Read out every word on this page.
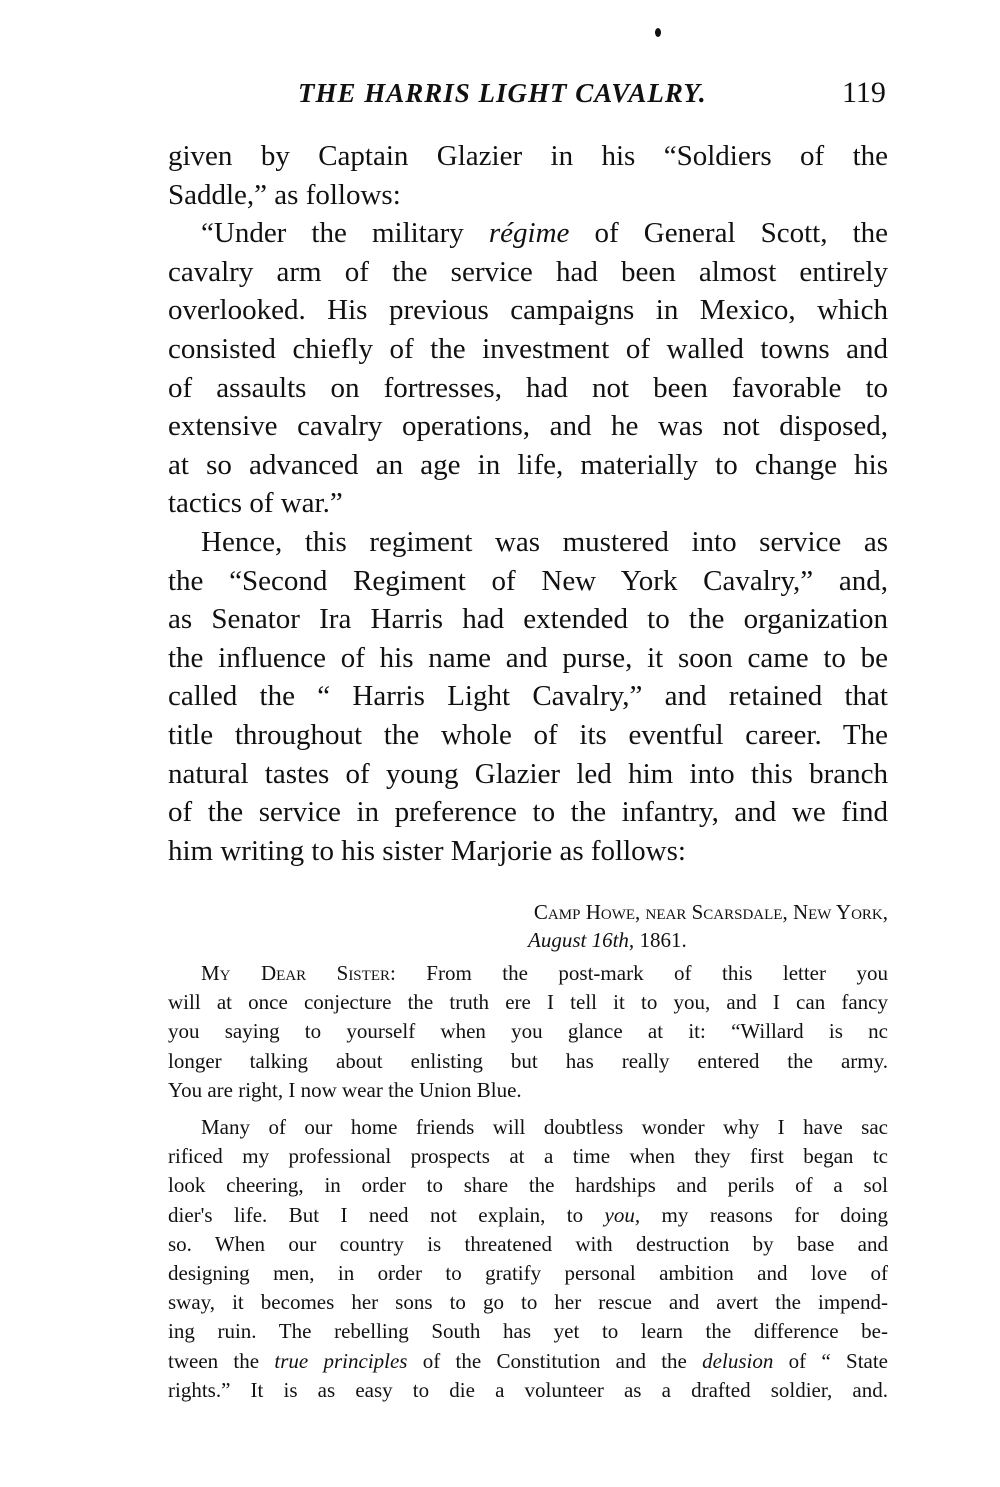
THE HARRIS LIGHT CAVALRY.	119
given by Captain Glazier in his “Soldiers of the
Saddle,” as follows:
“Under the military régime of General Scott, the
cavalry arm of the service had been almost entirely
overlooked. His previous campaigns in Mexico, which
consisted chiefly of the investment of walled towns and
of assaults on fortresses, had not been favorable to
extensive cavalry operations, and he was not disposed,
at so advanced an age in life, materially to change his
tactics of war.”
Hence, this regiment was mustered into service as
the “Second Regiment of New York Cavalry,” and,
as Senator Ira Harris had extended to the organization
the influence of his name and purse, it soon came to be
called the “ Harris Light Cavalry,” and retained that
title throughout the whole of its eventful career. The
natural tastes of young Glazier led him into this branch
of the service in preference to the infantry, and we find
him writing to his sister Marjorie as follows:
Camp Howe, near Scarsdale, New York,
August 16th, 1861.
My Dear Sister: From the post-mark of this letter you
will at once conjecture the truth ere I tell it to you, and I can fancy
you saying to yourself when you glance at it: “Willard is nc
longer talking about enlisting but has really entered the army.
You are right, I now wear the Union Blue.
Many of our home friends will doubtless wonder why I have sac
rificed my professional prospects at a time when they first began tc
look cheering, in order to share the hardships and perils of a sol
dier's life. But I need not explain, to you, my reasons for doing
so. When our country is threatened with destruction by base and
designing men, in order to gratify personal ambition and love of
sway, it becomes her sons to go to her rescue and avert the impend-
ing ruin. The rebelling South has yet to learn the difference be-
tween the true principles of the Constitution and the delusion of “ State
rights.” It is as easy to die a volunteer as a drafted soldier, and.
